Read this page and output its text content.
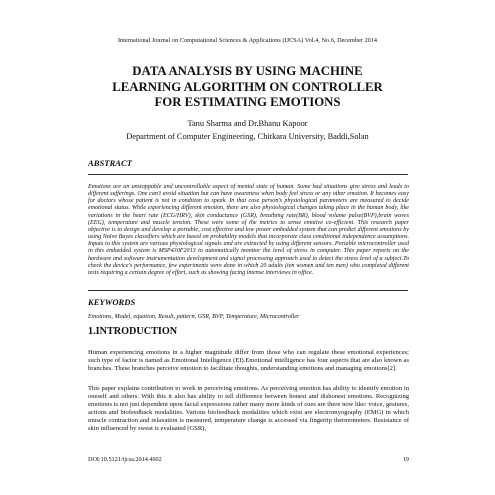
International Journal on Computational Sciences & Applications (IJCSA) Vol.4, No.6, December 2014
DATA ANALYSIS BY USING MACHINE
LEARNING ALGORITHM ON CONTROLLER
FOR ESTIMATING EMOTIONS
Tanu Sharma and Dr.Bhanu Kapoor
Department of Computer Engineering, Chitkara University, Baddi,Solan
ABSTRACT
Emotions are an unstoppable and uncontrollable aspect of mental state of human. Some bad situations give stress and leads to different sufferings. One can't avoid situation but can have awareness when body feel stress or any other emotion. It becomes easy for doctors whose patient is not in condition to speak. In that case person's physiological parameters are measured to decide emotional status. While experiencing different emotion, there are also physiological changes taking place in the human body, like variations in the heart rate (ECG/HRV), skin conductance (GSR), breathing rate(BR), blood volume pulse(BVP),brain waves (EEG), temperature and muscle tension. These were some of the metrics to sense emotive co-efficient. This research paper objective is to design and develop a portable, cost effective and low power embedded system that can predict different emotions by using Naïve Bayes classifiers which are based on probability models that incorporate class conditional independence assumptions. Inputs to this system are various physiological signals and are extracted by using different sensors. Portable microcontroller used in this embedded system is MSP430F2013 to automatically monitor the level of stress in computer. This paper reports on the hardware and software instrumentation development and signal processing approach used to detect the stress level of a subject.To check the device's performance, few experiments were done in which 20 adults (ten women and ten men) who completed different tests requiring a certain degree of effort, such as showing facing intense interviews in office.
KEYWORDS
Emotions, Model, equation, Result, pattern, GSR, BVP, Temperature, Microcontroller
1.INTRODUCTION
Human experiencing emotions in a higher magnitude differ from those who can regulate these emotional experiences; such type of factor is named as Emotional Intelligence (EI).Emotional intelligence has four aspects that are also known as branches. These branches perceive emotion to facilitate thoughts, understanding emotions and managing emotions[2].
This paper explains contribution to work in perceiving emotions. As perceiving emotion has ability to identify emotion in oneself and others. With this it also has ability to tell difference between honest and dishonest emotions. Recognizing emotions is not just dependent upon facial expressions rather many more kinds of cues are there now like: voice, gestures, actions and biofeedback modalities. Various biofeedback modalities which exist are electromyography (EMG) in which muscle contraction and relaxation is measured, temperature change is accessed via fingertip thermometers. Resistance of skin influenced by sweat is evaluated (GSR),
DOI:10.5121/ijcsa.2014.4602	19
